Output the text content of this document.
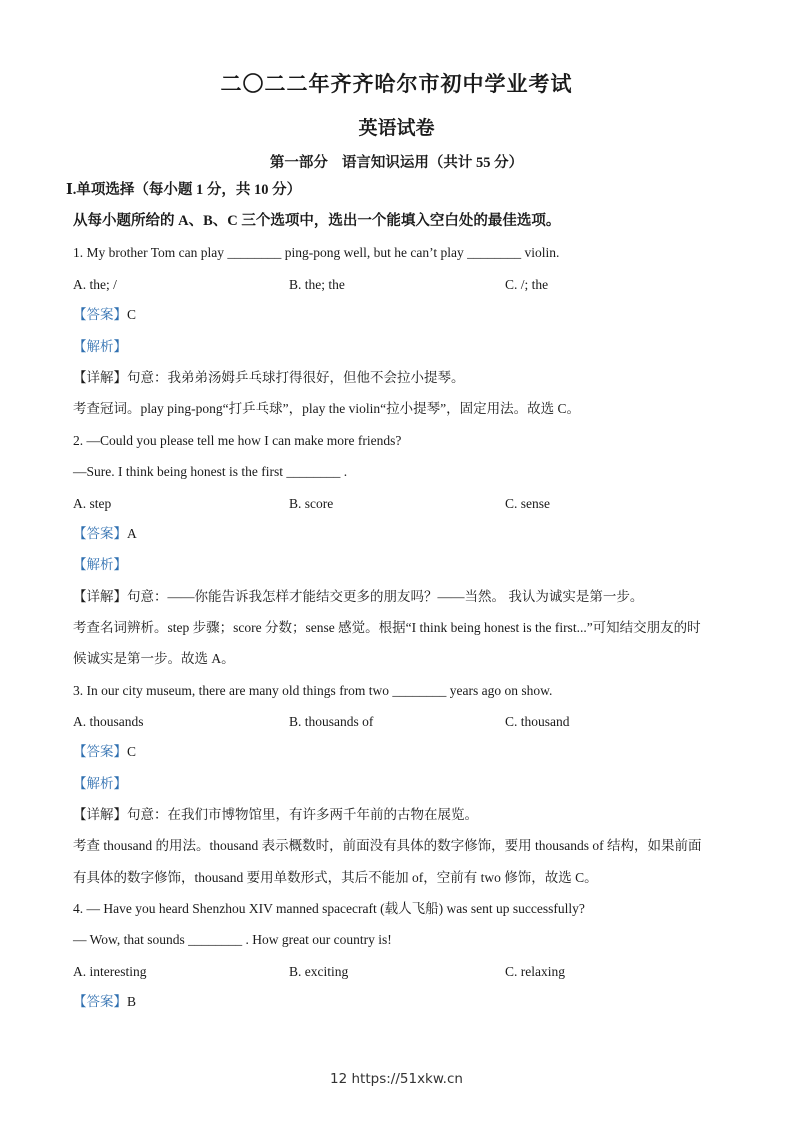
二〇二二年齐齐哈尔市初中学业考试
英语试卷
第一部分 语言知识运用（共计 55 分）
Ⅰ.单项选择（每小题 1 分，共 10 分）
从每小题所给的 A、B、C 三个选项中，选出一个能填入空白处的最佳选项。
1. My brother Tom can play ________ ping-pong well, but he can’t play ________ violin.
A. the; /	B. the; the	C. /; the
【答案】C
【解析】
【详解】句意：我弟弟汤姆乒乓球打得很好，但他不会拉小提琴。
考查冠词。play ping-pong“打乒乓球”，play the violin“拉小提琴”，固定用法。故选 C。
2. —Could you please tell me how I can make more friends?
—Sure. I think being honest is the first ________ .
A. step	B. score	C. sense
【答案】A
【解析】
【详解】句意：——你能告诉我怎样才能结交更多的朋友吗？——当然。 我认为诚实是第一步。
考查名词辨析。step 步骤；score 分数；sense 感觉。根据“I think being honest is the first...”可知结交朋友的时
候诚实是第一步。故选 A。
3. In our city museum, there are many old things from two ________ years ago on show.
A. thousands	B. thousands of	C. thousand
【答案】C
【解析】
【详解】句意：在我们市博物馆里，有许多两千年前的古物在展览。
考查 thousand 的用法。thousand 表示概数时，前面没有具体的数字修饰，要用 thousands of 结构，如果前面
有具体的数字修饰，thousand 要用单数形式，其后不能加 of，空前有 two 修饰，故选 C。
4. — Have you heard Shenzhou XIV manned spacecraft (载人飞船) was sent up successfully?
— Wow, that sounds ________ . How great our country is!
A. interesting	B. exciting	C. relaxing
【答案】B
12 https://51xkw.cn
